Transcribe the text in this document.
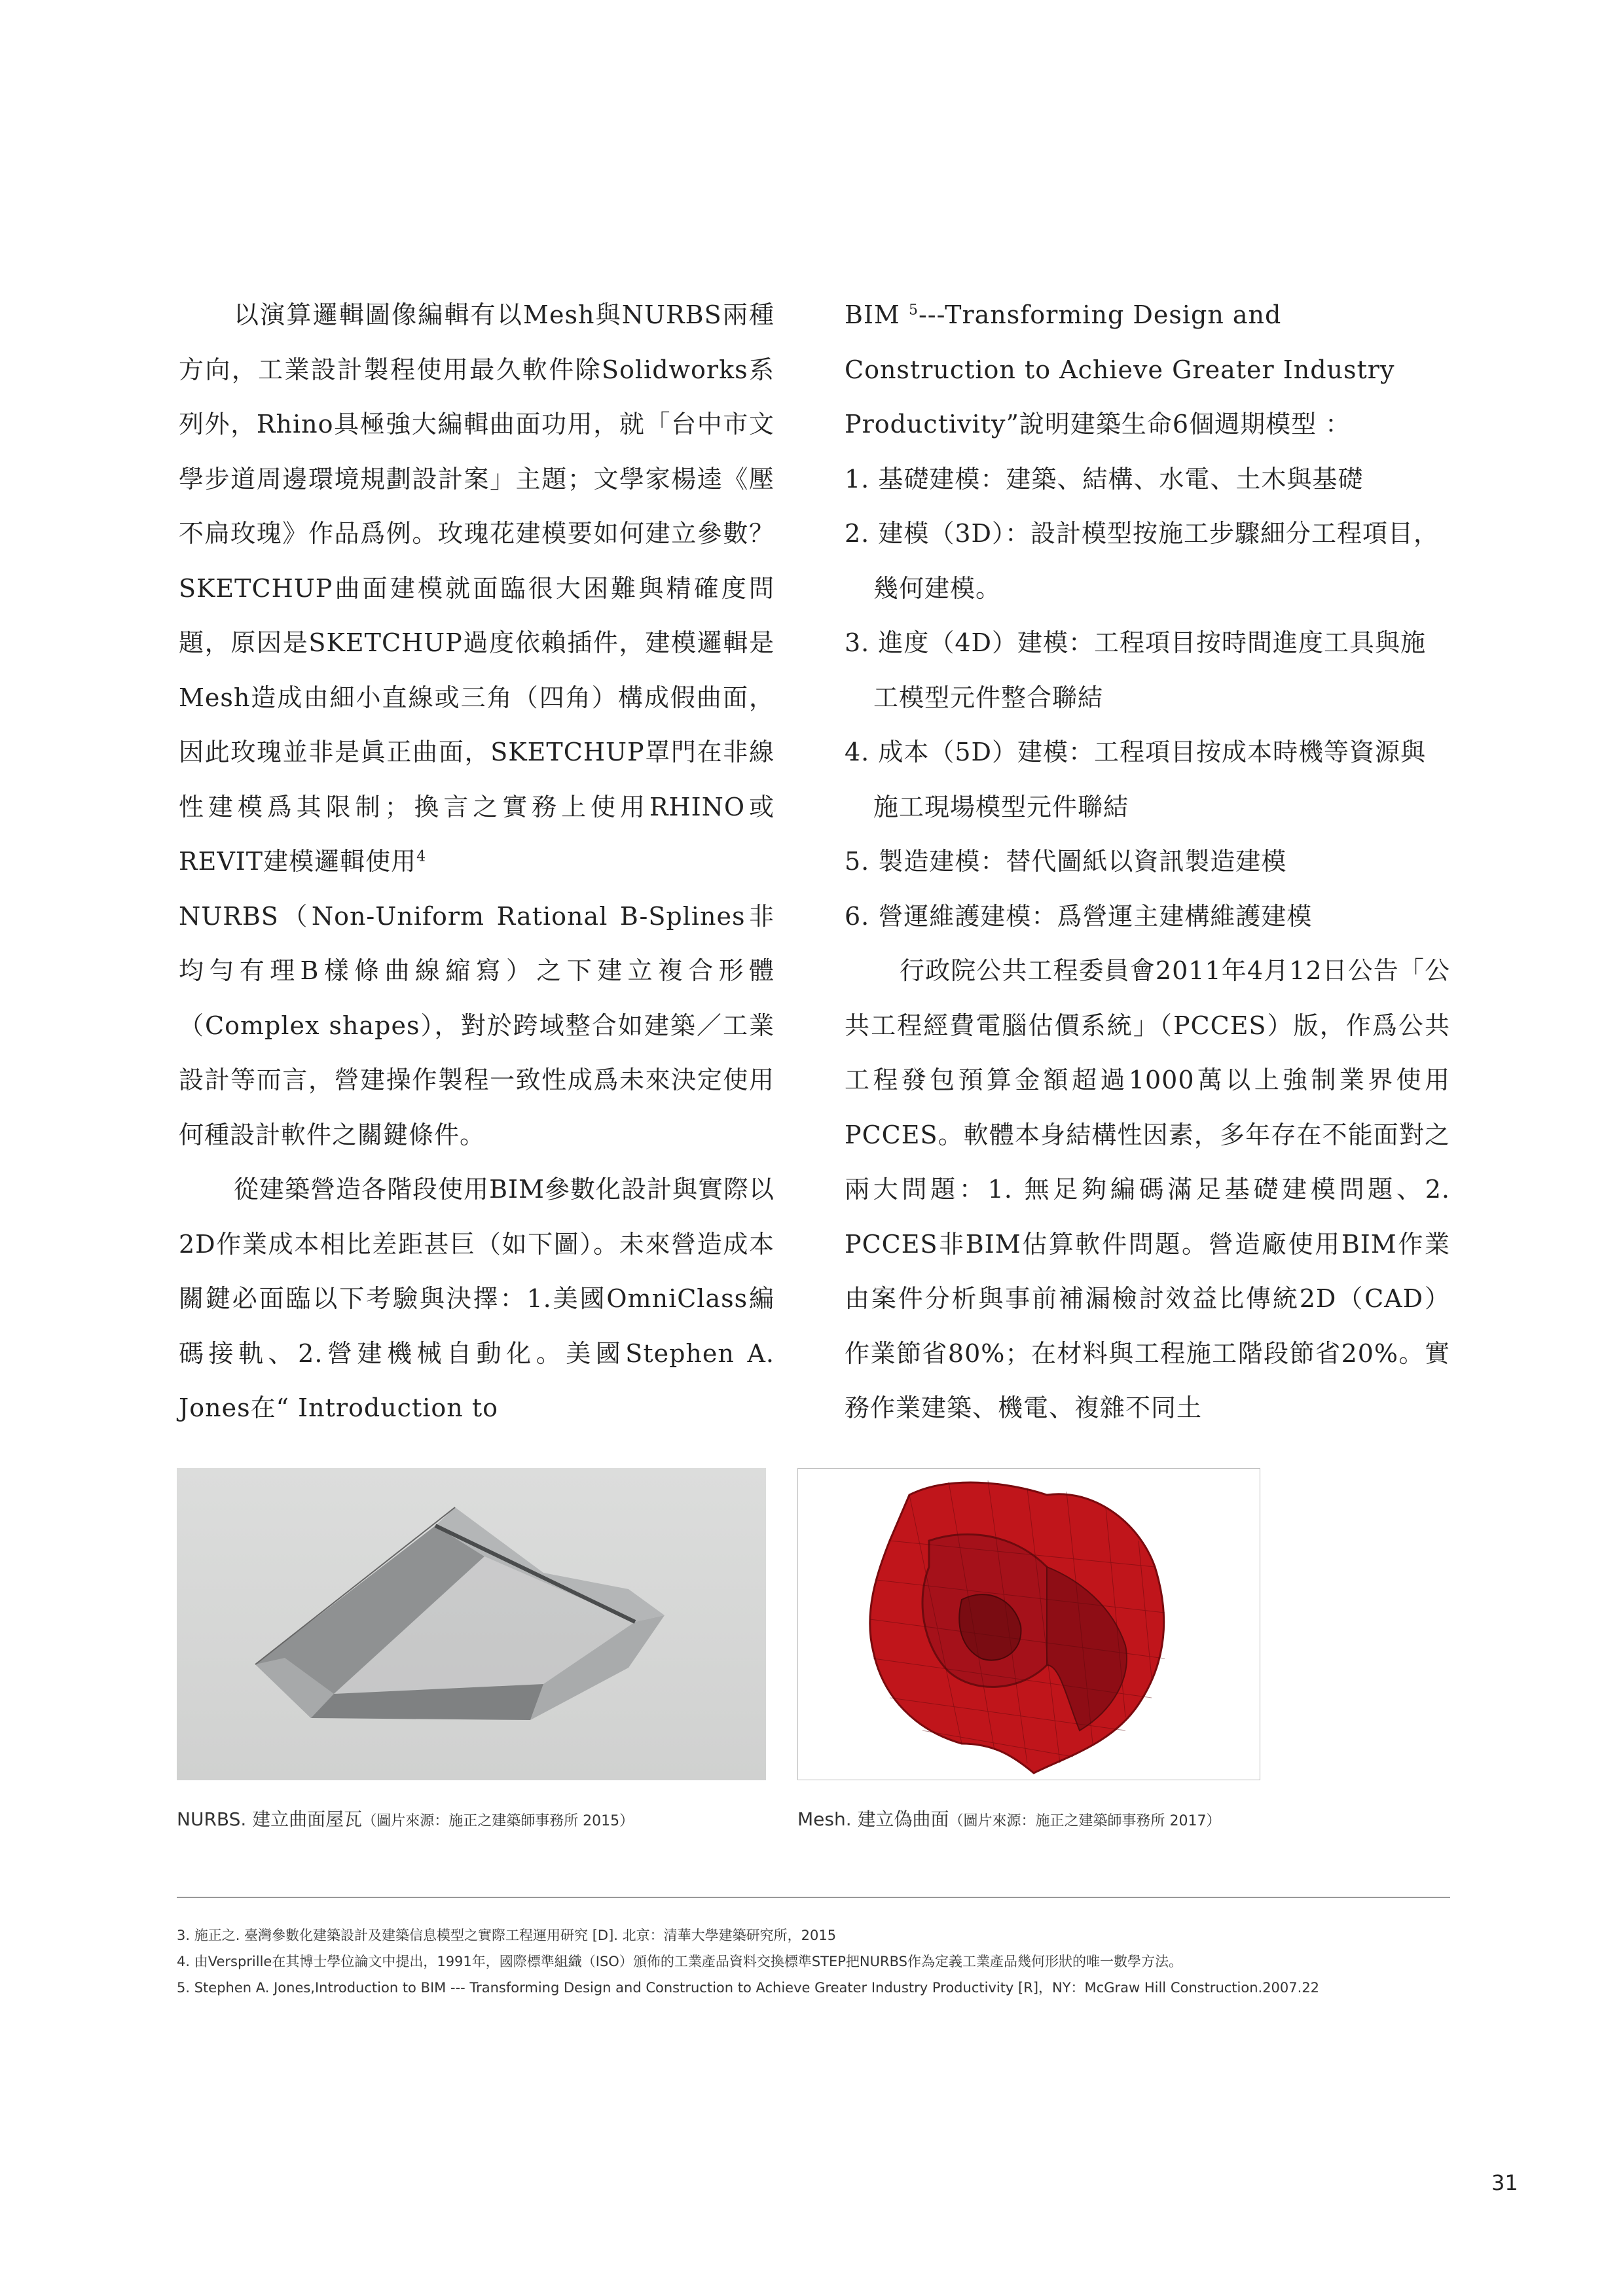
以演算邏輯圖像編輯有以Mesh與NURBS兩種方向，工業設計製程使用最久軟件除Solidworks系列外，Rhino具極強大編輯曲面功用，就「台中市文學步道周邊環境規劃設計案」主題；文學家楊逵《壓不扁玫瑰》作品爲例。玫瑰花建模要如何建立參數？ SKETCHUP曲面建模就面臨很大困難與精確度問題，原因是SKETCHUP過度依賴插件，建模邏輯是Mesh造成由細小直線或三角（四角）構成假曲面，因此玫瑰並非是眞正曲面，SKETCHUP罩門在非線性建模爲其限制；換言之實務上使用RHINO或REVIT建模邏輯使用$^4$
NURBS（Non-Uniform Rational B-Splines非均勻有理B樣條曲線縮寫）之下建立複合形體（Complex shapes），對於跨域整合如建築／工業設計等而言，營建操作製程一致性成爲未來決定使用何種設計軟件之關鍵條件。

從建築營造各階段使用BIM參數化設計與實際以2D作業成本相比差距甚巨（如下圖）。未來營造成本關鍵必面臨以下考驗與決擇：1.美國OmniClass編碼接軌、2.營建機械自動化。美國Stephen A. Jones在“ Introduction to

BIM $^5$---Transforming Design and Construction to Achieve Greater Industry Productivity”說明建築生命6個週期模型 ：

1. 基礎建模：建築、結構、水電、土木與基礎

2. 建模（3D）：設計模型按施工步驟細分工程項目，幾何建模。

3. 進度（4D）建模：工程項目按時間進度工具與施工模型元件整合聯結

4. 成本（5D）建模：工程項目按成本時機等資源與施工現場模型元件聯結

5. 製造建模：替代圖紙以資訊製造建模

6. 營運維護建模：爲營運主建構維護建模

行政院公共工程委員會2011年4月12日公告「公共工程經費電腦估價系統」（PCCES）版，作爲公共工程發包預算金額超過1000萬以上強制業界使用PCCES。軟體本身結構性因素，多年存在不能面對之兩大問題：1. 無足夠編碼滿足基礎建模問題、2. PCCES非BIM估算軟件問題。營造廠使用BIM作業由案件分析與事前補漏檢討效益比傳統2D（CAD）作業節省80%；在材料與工程施工階段節省20%。實務作業建築、機電、複雜不同土

NURBS. 建立曲面屋瓦（圖片來源：施正之建築師事務所 2015）	Mesh. 建立偽曲面（圖片來源：施正之建築師事務所 2017）
3. 施正之. 臺灣參數化建築設計及建築信息模型之實際工程運用研究 [D]. 北京：清華大學建築研究所，2015
4. 由Versprille在其博士學位論文中提出，1991年，國際標準組織（ISO）頒佈的工業產品資料交換標準STEP把NURBS作為定義工業產品幾何形狀的唯一數學方法。
5. Stephen A. Jones,Introduction to BIM --- Transforming Design and Construction to Achieve Greater Industry Productivity [R]，NY：McGraw Hill Construction.2007.22
31
